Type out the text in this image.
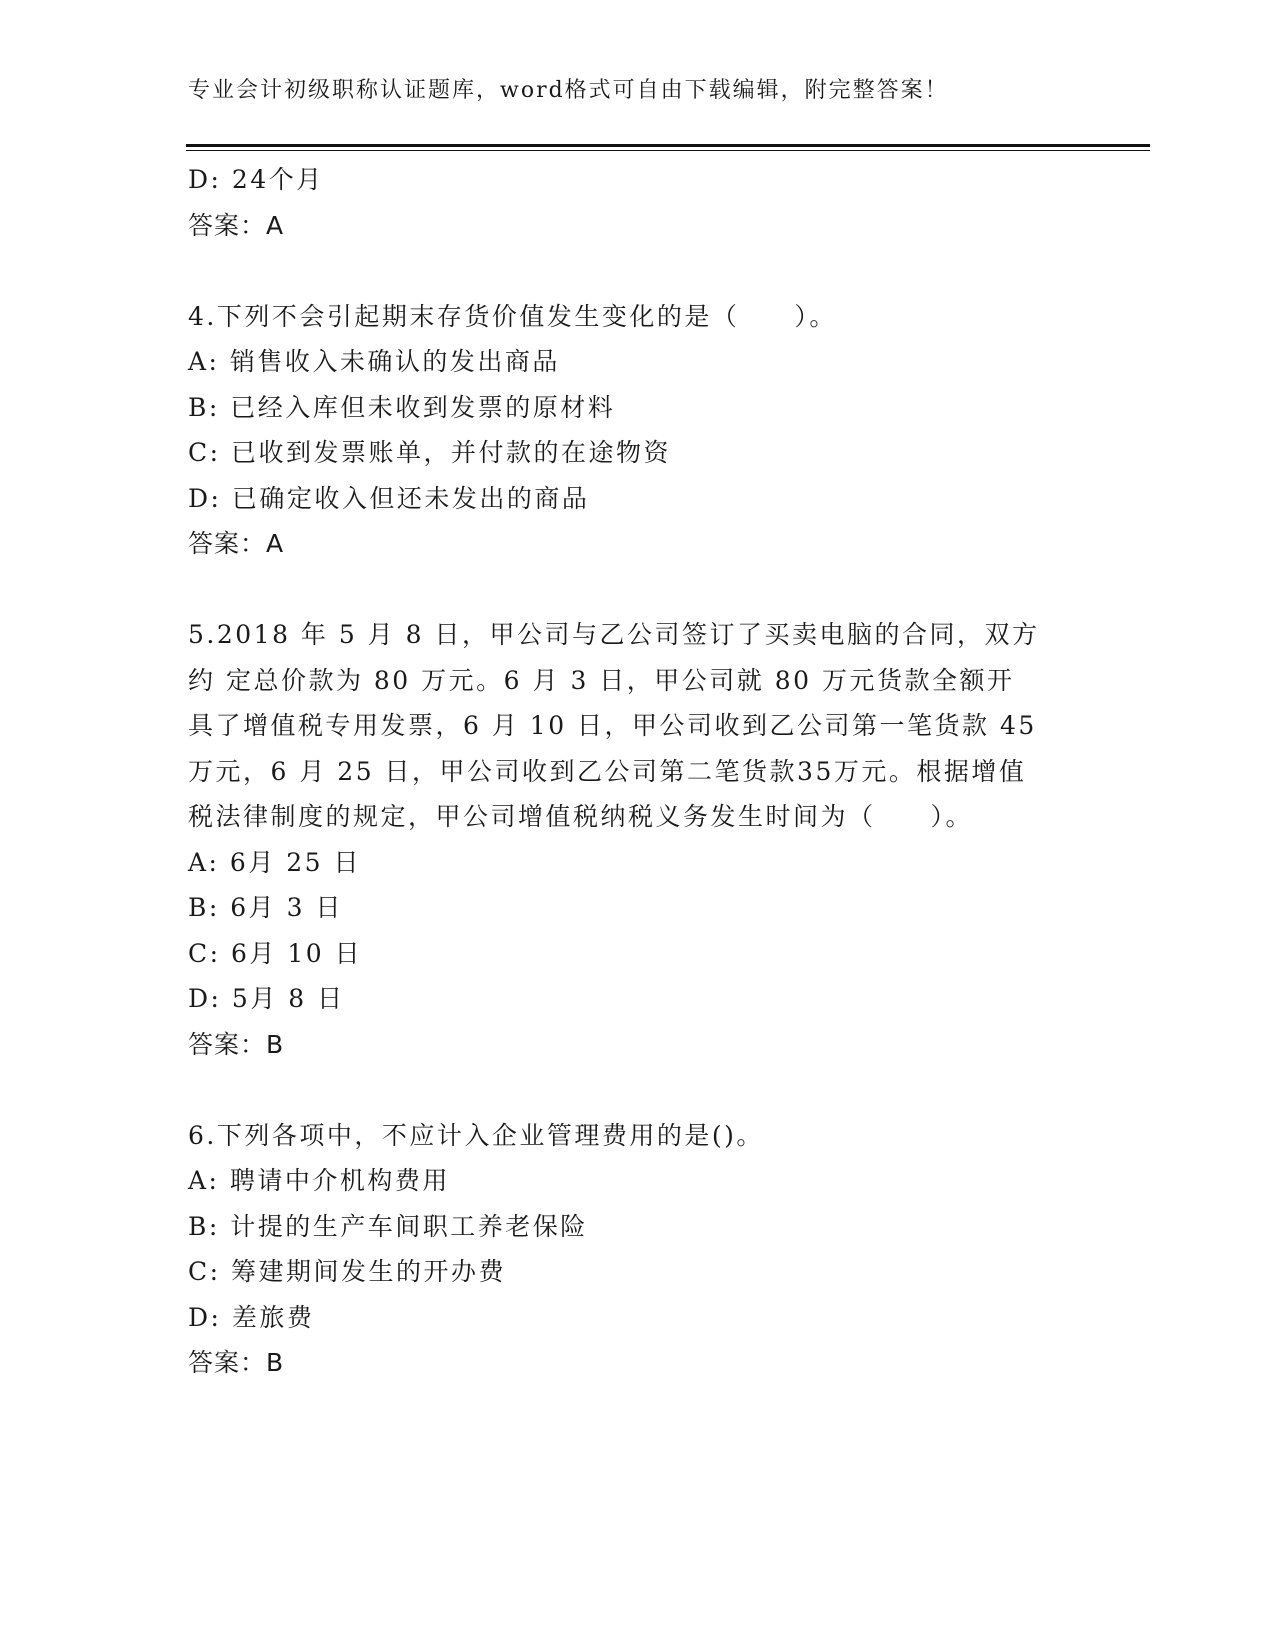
专业会计初级职称认证题库，word格式可自由下载编辑，附完整答案！
D: 24个月
答案：A
4.下列不会引起期末存货价值发生变化的是（　　）。
A: 销售收入未确认的发出商品
B: 已经入库但未收到发票的原材料
C: 已收到发票账单，并付款的在途物资
D: 已确定收入但还未发出的商品
答案：A
5.2018 年 5 月 8 日，甲公司与乙公司签订了买卖电脑的合同，双方
约 定总价款为 80 万元。6 月 3 日，甲公司就 80 万元货款全额开
具了增值税专用发票，6 月 10 日，甲公司收到乙公司第一笔货款 45
万元，6 月 25 日，甲公司收到乙公司第二笔货款35万元。根据增值
税法律制度的规定，甲公司增值税纳税义务发生时间为（　　）。
A: 6月 25 日
B: 6月 3 日
C: 6月 10 日
D: 5月 8 日
答案：B
6.下列各项中，不应计入企业管理费用的是()。
A: 聘请中介机构费用
B: 计提的生产车间职工养老保险
C: 筹建期间发生的开办费
D: 差旅费
答案：B
